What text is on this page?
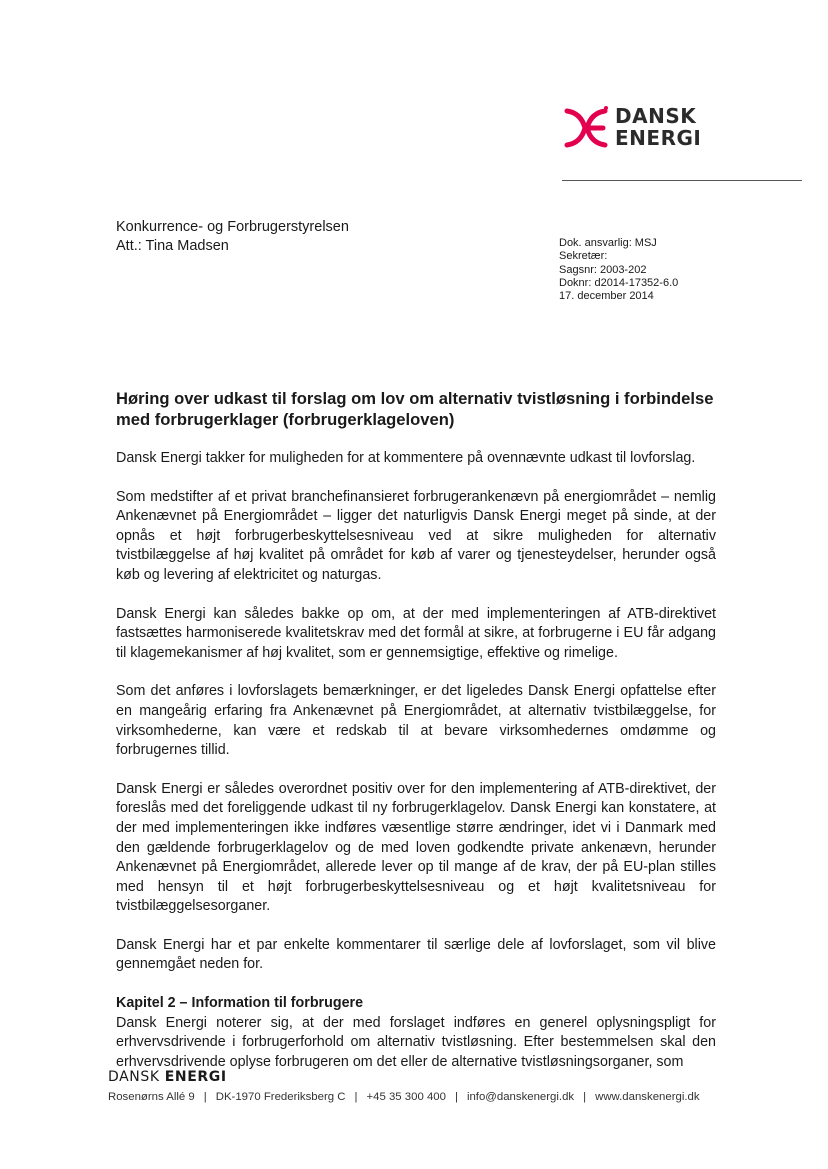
DANSK
ENERGI
Konkurrence- og Forbrugerstyrelsen
Att.: Tina Madsen	Dok. ansvarlig: MSJ
Sekretær:
Sagsnr: 2003-202
Doknr: d2014-17352-6.0
17. december 2014
Høring over udkast til forslag om lov om alternativ tvistløsning i forbindelse med forbrugerklager (forbrugerklageloven)

Dansk Energi takker for muligheden for at kommentere på ovennævnte udkast til lovforslag.

Som medstifter af et privat branchefinansieret forbrugerankenævn på energiområdet – nemlig Ankenævnet på Energiområdet – ligger det naturligvis Dansk Energi meget på sinde, at der opnås et højt forbrugerbeskyttelsesniveau ved at sikre muligheden for alternativ tvistbilæggelse af høj kvalitet på området for køb af varer og tjenesteydelser, herunder også køb og levering af elektricitet og naturgas.

Dansk Energi kan således bakke op om, at der med implementeringen af ATB-direktivet fastsættes harmoniserede kvalitetskrav med det formål at sikre, at forbrugerne i EU får adgang til klagemekanismer af høj kvalitet, som er gennemsigtige, effektive og rimelige.

Som det anføres i lovforslagets bemærkninger, er det ligeledes Dansk Energi opfattelse efter en mangeårig erfaring fra Ankenævnet på Energiområdet, at alternativ tvistbilæggelse, for virksomhederne, kan være et redskab til at bevare virksomhedernes omdømme og forbrugernes tillid.

Dansk Energi er således overordnet positiv over for den implementering af ATB-direktivet, der foreslås med det foreliggende udkast til ny forbrugerklagelov. Dansk Energi kan konstatere, at der med implementeringen ikke indføres væsentlige større ændringer, idet vi i Danmark med den gældende forbrugerklagelov og de med loven godkendte private ankenævn, herunder Ankenævnet på Energiområdet, allerede lever op til mange af de krav, der på EU-plan stilles med hensyn til et højt forbrugerbeskyttelsesniveau og et højt kvalitetsniveau for tvistbilæggelsesorganer.

Dansk Energi har et par enkelte kommentarer til særlige dele af lovforslaget, som vil blive gennemgået neden for.

Kapitel 2 – Information til forbrugere

Dansk Energi noterer sig, at der med forslaget indføres en generel oplysningspligt for erhvervsdrivende i forbrugerforhold om alternativ tvistløsning. Efter bestemmelsen skal den erhvervsdrivende oplyse forbrugeren om det eller de alternative tvistløsningsorganer, som

DANSK ENERGI
Rosenørns Allé 9 | DK-1970 Frederiksberg C | +45 35 300 400 | info@danskenergi.dk | www.danskenergi.dk
